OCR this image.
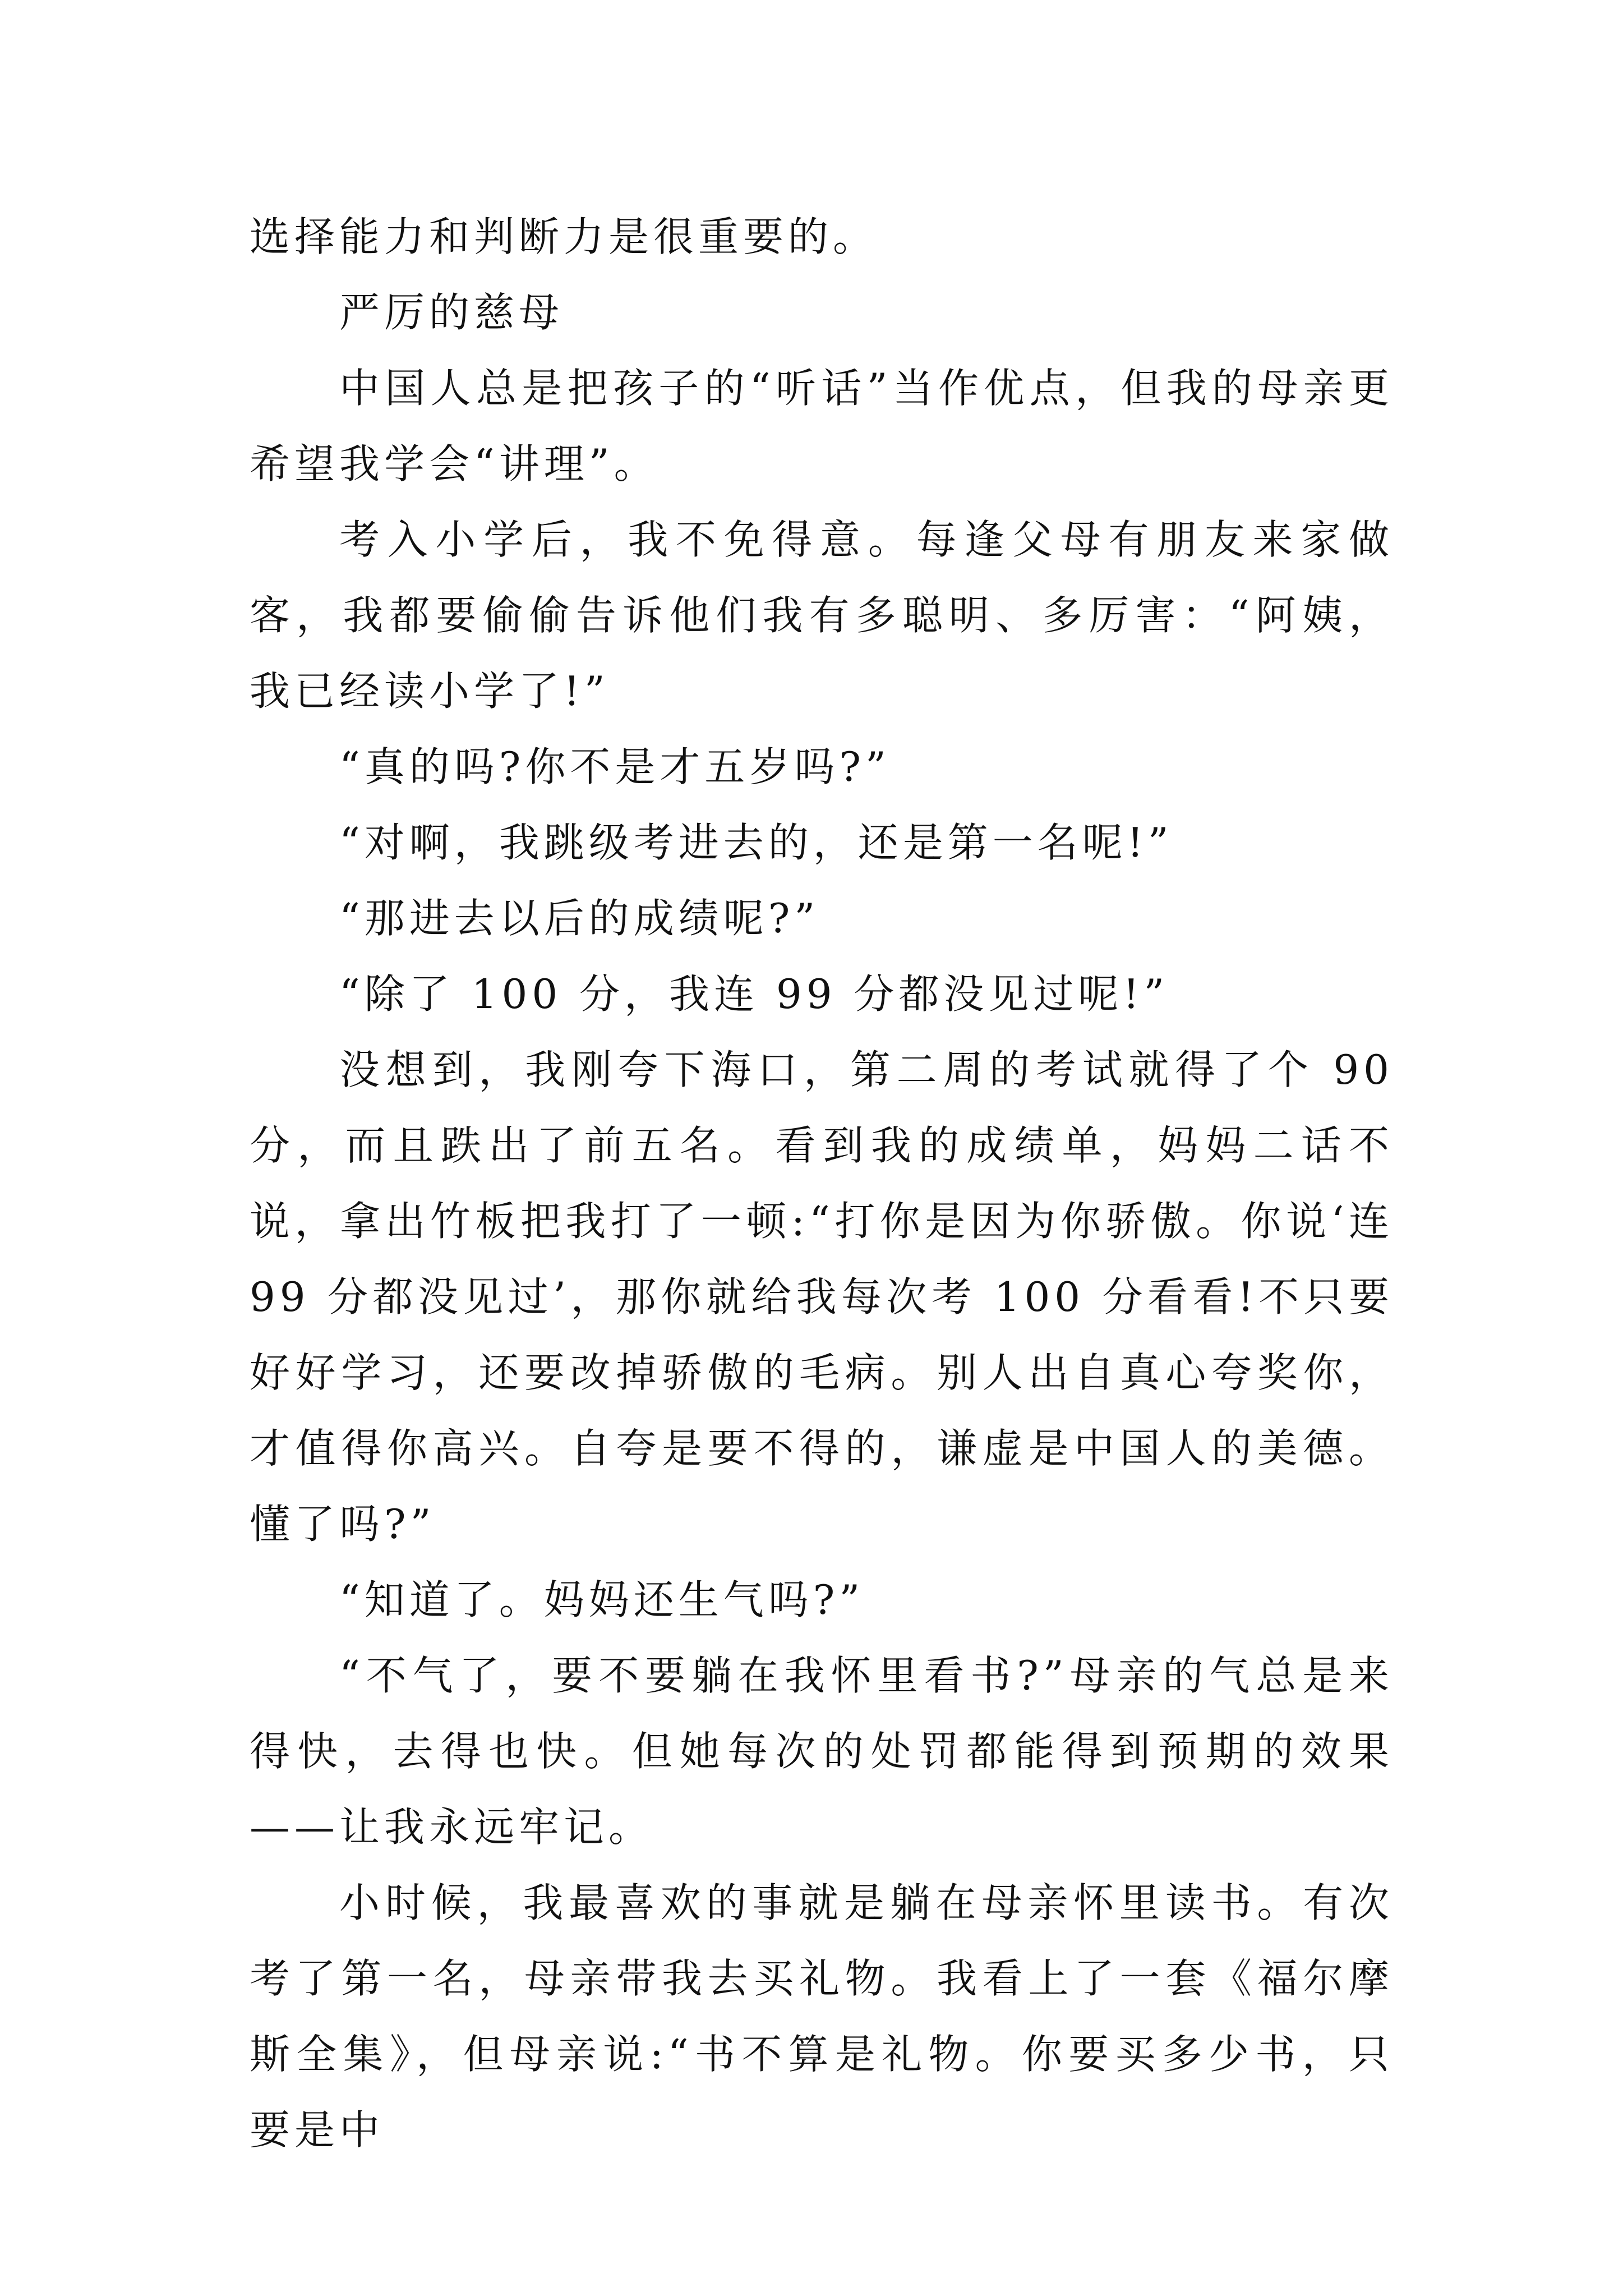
选择能力和判断力是很重要的。

严厉的慈母

中国人总是把孩子的“听话”当作优点，但我的母亲更希望我学会“讲理”。

考入小学后，我不免得意。每逢父母有朋友来家做客，我都要偷偷告诉他们我有多聪明、多厉害：“阿姨，我已经读小学了!”

“真的吗?你不是才五岁吗?”

“对啊，我跳级考进去的，还是第一名呢!”

“那进去以后的成绩呢?”

“除了 100 分，我连 99 分都没见过呢!”

没想到，我刚夸下海口，第二周的考试就得了个 90 分，而且跌出了前五名。看到我的成绩单，妈妈二话不说，拿出竹板把我打了一顿:“打你是因为你骄傲。你说‘连 99 分都没见过’，那你就给我每次考 100 分看看!不只要好好学习，还要改掉骄傲的毛病。别人出自真心夸奖你，才值得你高兴。自夸是要不得的，谦虚是中国人的美德。懂了吗?”

“知道了。妈妈还生气吗?”

“不气了，要不要躺在我怀里看书?”母亲的气总是来得快，去得也快。但她每次的处罚都能得到预期的效果——让我永远牢记。

小时候，我最喜欢的事就是躺在母亲怀里读书。有次考了第一名，母亲带我去买礼物。我看上了一套《福尔摩斯全集》，但母亲说:“书不算是礼物。你要买多少书，只要是中
